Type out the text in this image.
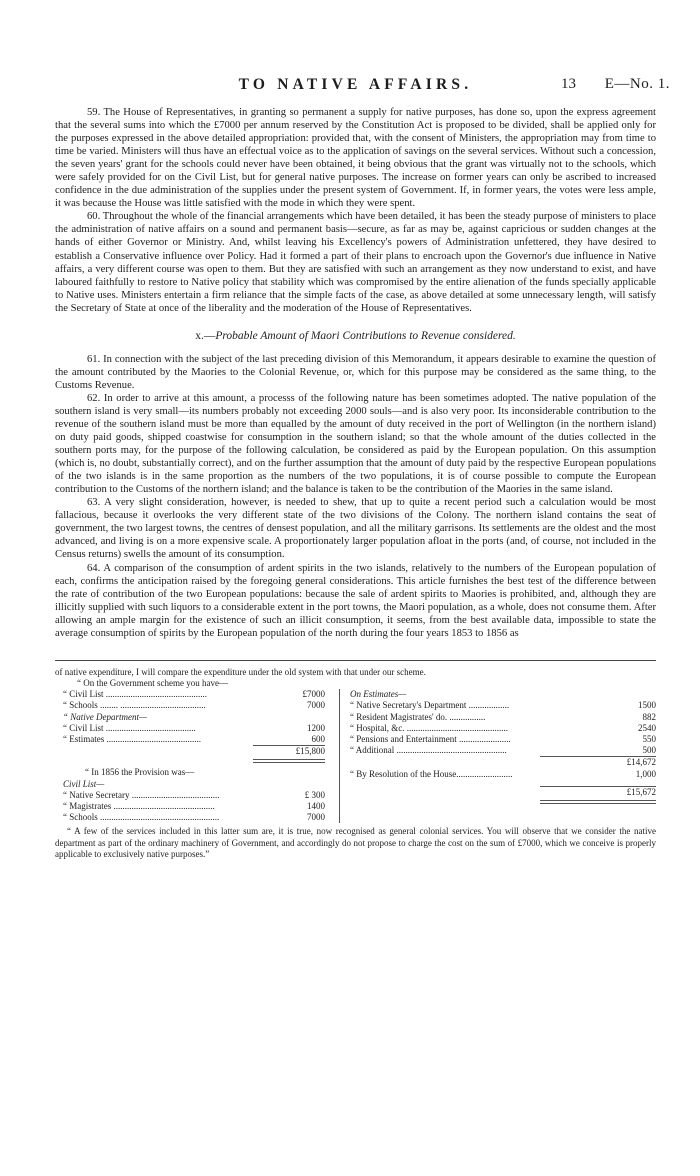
TO NATIVE AFFAIRS.	13 E—No. 1.

59. The House of Representatives, in granting so permanent a supply for native purposes, has done so, upon the express agreement that the several sums into which the £7000 per annum reserved by the Constitution Act is proposed to be divided, shall be applied only for the purposes expressed in the above detailed appropriation: provided that, with the consent of Ministers, the appropriation may from time to time be varied. Ministers will thus have an effectual voice as to the application of savings on the several services. Without such a concession, the seven years' grant for the schools could never have been obtained, it being obvious that the grant was virtually not to the schools, which were safely provided for on the Civil List, but for general native purposes. The increase on former years can only be ascribed to increased confidence in the due administration of the supplies under the present system of Government. If, in former years, the votes were less ample, it was because the House was little satisfied with the mode in which they were spent.

60. Throughout the whole of the financial arrangements which have been detailed, it has been the steady purpose of ministers to place the administration of native affairs on a sound and permanent basis—secure, as far as may be, against capricious or sudden changes at the hands of either Governor or Ministry. And, whilst leaving his Excellency's powers of Administration unfettered, they have desired to establish a Conservative influence over Policy. Had it formed a part of their plans to encroach upon the Governor's due influence in Native affairs, a very different course was open to them. But they are satisfied with such an arrangement as they now understand to exist, and have laboured faithfully to restore to Native policy that stability which was compromised by the entire alienation of the funds specially applicable to Native uses. Ministers entertain a firm reliance that the simple facts of the case, as above detailed at some unnecessary length, will satisfy the Secretary of State at once of the liberality and the moderation of the House of Representatives.

x.—Probable Amount of Maori Contributions to Revenue considered.

61. In connection with the subject of the last preceding division of this Memorandum, it appears desirable to examine the question of the amount contributed by the Maories to the Colonial Revenue, or, which for this purpose may be considered as the same thing, to the Customs Revenue.

62. In order to arrive at this amount, a processs of the following nature has been sometimes adopted. The native population of the southern island is very small—its numbers probably not exceeding 2000 souls—and is also very poor. Its inconsiderable contribution to the revenue of the southern island must be more than equalled by the amount of duty received in the port of Wellington (in the northern island) on duty paid goods, shipped coastwise for consumption in the southern island; so that the whole amount of the duties collected in the southern ports may, for the purpose of the following calculation, be considered as paid by the European population. On this assumption (which is, no doubt, substantially correct), and on the further assumption that the amount of duty paid by the respective European populations of the two islands is in the same proportion as the numbers of the two populations, it is of course possible to compute the European contribution to the Customs of the northern island; and the balance is taken to be the contribution of the Maories in the same island.

63. A very slight consideration, however, is needed to shew, that up to quite a recent period such a calculation would be most fallacious, because it overlooks the very different state of the two divisions of the Colony. The northern island contains the seat of government, the two largest towns, the centres of densest population, and all the military garrisons. Its settlements are the oldest and the most advanced, and living is on a more expensive scale. A proportionately larger population afloat in the ports (and, of course, not included in the Census returns) swells the amount of its consumption.

64. A comparison of the consumption of ardent spirits in the two islands, relatively to the numbers of the European population of each, confirms the anticipation raised by the foregoing general considerations. This article furnishes the best test of the difference between the rate of contribution of the two European populations: because the sale of ardent spirits to Maories is prohibited, and, although they are illicitly supplied with such liquors to a considerable extent in the port towns, the Maori population, as a whole, does not consume them. After allowing an ample margin for the existence of such an illicit consumption, it seems, from the best available data, impossible to state the average consumption of spirits by the European population of the north during the four years 1853 to 1856 as

of native expenditure, I will compare the expenditure under the old system with that under our scheme.

“ On the Government scheme you have—

“ Civil List .............................................	£7000
“ Schools ........ ......................................	7000
“ Native Department—
“ Civil List ........................................	1200
“ Estimates ..........................................	600
£15,800
“ In 1856 the Provision was—
Civil List—
“ Native Secretary .......................................	£ 300
“ Magistrates .............................................	1400
“ Schools .....................................................	7000
On Estimates—
“ Native Secretary's Department ..................	1500
“ Resident Magistrates' do. ................	882
“ Hospital, &c. .............................................	2540
“ Pensions and Entertainment .......................	550
“ Additional .................................................	500
£14,672
“ By Resolution of the House.........................	1,000
£15,672

“ A few of the services included in this latter sum are, it is true, now recognised as general colonial services. You will observe that we consider the native department as part of the ordinary machinery of Government, and accordingly do not propose to charge the cost on the sum of £7000, which we conceive is properly applicable to exclusively native purposes.”
